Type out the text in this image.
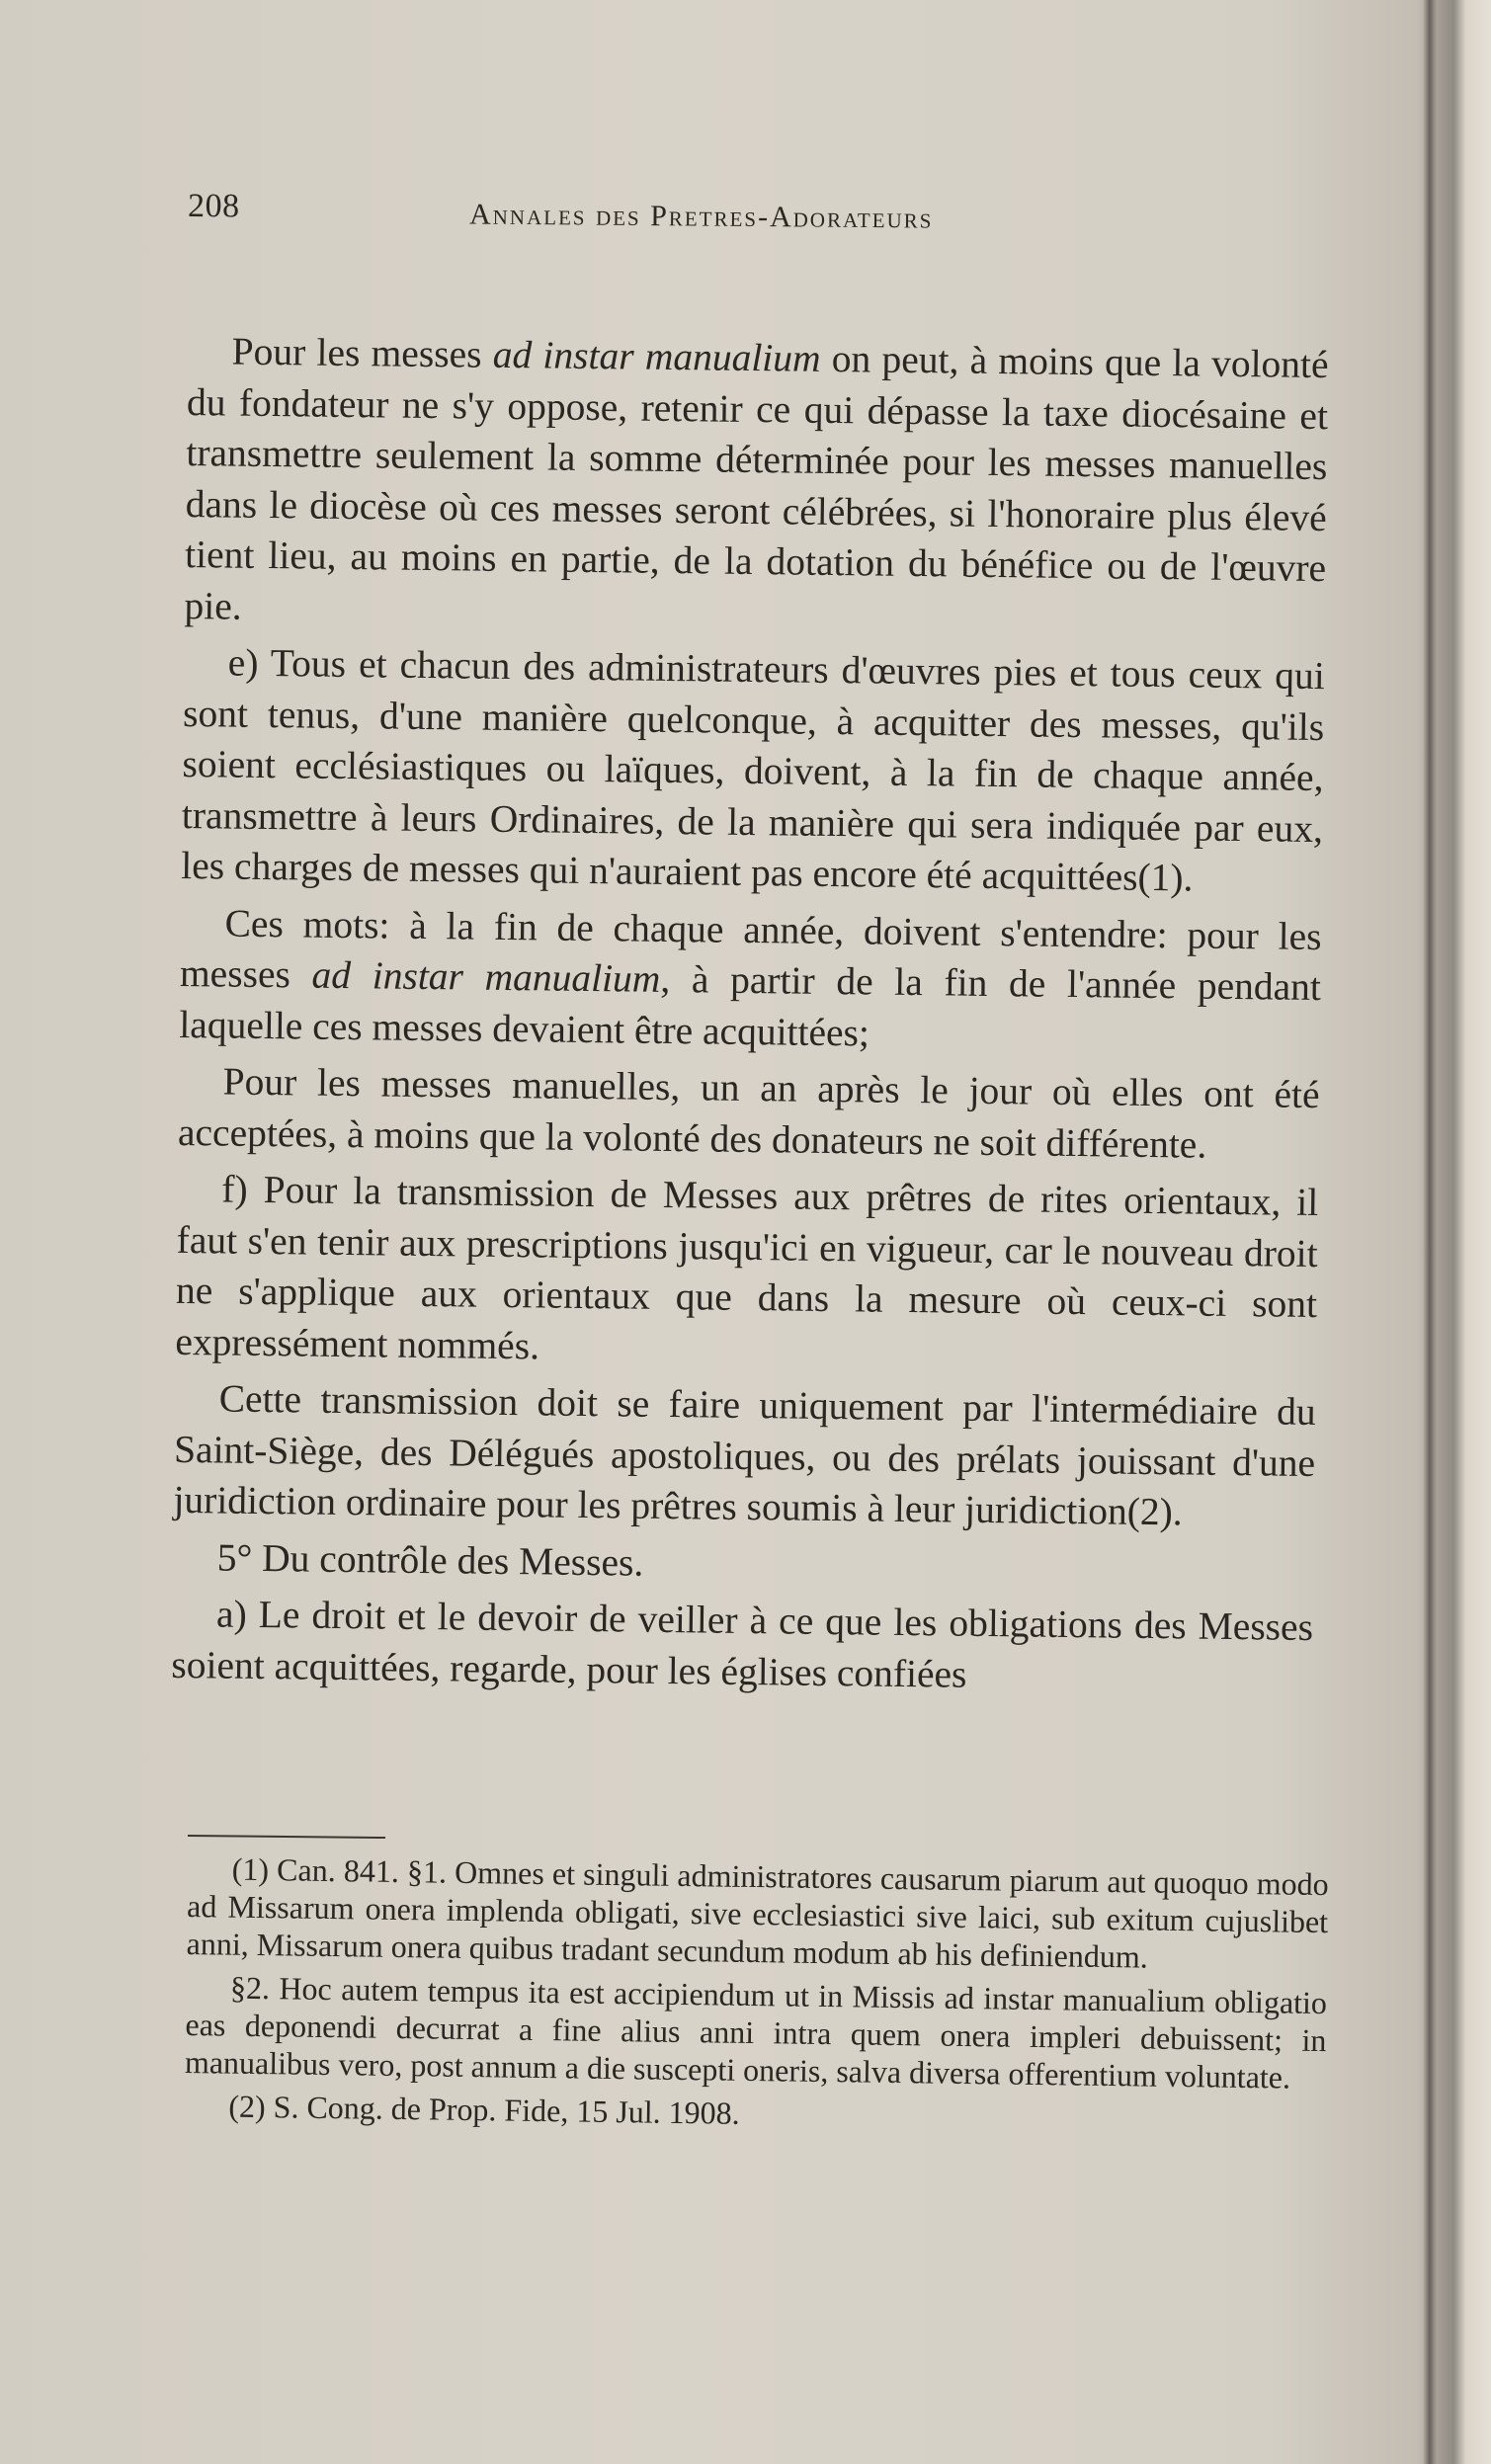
208	Annales des Pretres-Adorateurs

Pour les messes ad instar manualium on peut, à moins que la volonté du fondateur ne s'y oppose, retenir ce qui dépasse la taxe diocésaine et transmettre seulement la somme déterminée pour les messes manuelles dans le diocèse où ces messes seront célébrées, si l'honoraire plus élevé tient lieu, au moins en partie, de la dotation du bénéfice ou de l'œuvre pie.

e) Tous et chacun des administrateurs d'œuvres pies et tous ceux qui sont tenus, d'une manière quelconque, à acquitter des messes, qu'ils soient ecclésiastiques ou laïques, doivent, à la fin de chaque année, transmettre à leurs Ordinaires, de la manière qui sera indiquée par eux, les charges de messes qui n'auraient pas encore été acquittées(1).

Ces mots: à la fin de chaque année, doivent s'entendre: pour les messes ad instar manualium, à partir de la fin de l'année pendant laquelle ces messes devaient être acquittées;

Pour les messes manuelles, un an après le jour où elles ont été acceptées, à moins que la volonté des donateurs ne soit différente.

f) Pour la transmission de Messes aux prêtres de rites orientaux, il faut s'en tenir aux prescriptions jusqu'ici en vigueur, car le nouveau droit ne s'applique aux orientaux que dans la mesure où ceux-ci sont expressément nommés.

Cette transmission doit se faire uniquement par l'intermédiaire du Saint-Siège, des Délégués apostoliques, ou des prélats jouissant d'une juridiction ordinaire pour les prêtres soumis à leur juridiction(2).

5° Du contrôle des Messes.

a) Le droit et le devoir de veiller à ce que les obligations des Messes soient acquittées, regarde, pour les églises confiées

(1) Can. 841. §1. Omnes et singuli administratores causarum piarum aut quoquo modo ad Missarum onera implenda obligati, sive ecclesiastici sive laici, sub exitum cujuslibet anni, Missarum onera quibus tradant secundum modum ab his definiendum.

§2. Hoc autem tempus ita est accipiendum ut in Missis ad instar manualium obligatio eas deponendi decurrat a fine alius anni intra quem onera impleri debuissent; in manualibus vero, post annum a die suscepti oneris, salva diversa offerentium voluntate.

(2) S. Cong. de Prop. Fide, 15 Jul. 1908.
